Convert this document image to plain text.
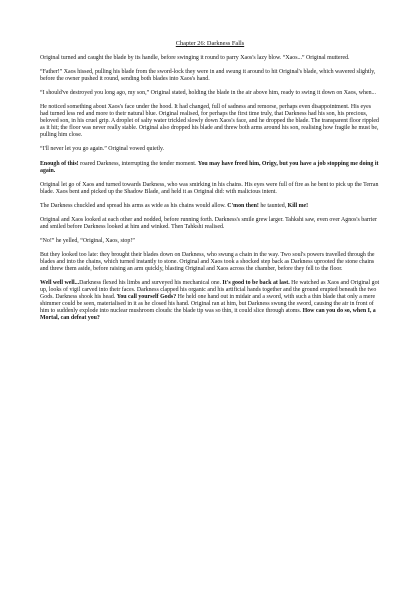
Chapter 26: Darkness Falls

Original turned and caught the blade by its handle, before swinging it round to parry Xaos's lazy blow. “Xaos...” Original muttered.

“Father!” Xaos hissed, pulling his blade from the sword-lock they were in and swung it around to hit Original's blade, which wavered slightly, before the owner pushed it round, sending both blades into Xaos's hand.

“I should've destroyed you long ago, my son,” Original stated, holding the blade in the air above him, ready to swing it down on Xaos, when...

He noticed something about Xaos's face under the hood. It had changed, full of sadness and remorse, perhaps even disappointment. His eyes had turned less red and more to their natural blue. Original realised, for perhaps the first time truly, that Darkness had his son, his precious, beloved son, in his cruel grip. A droplet of salty water trickled slowly down Xaos's face, and he dropped the blade. The transparent floor rippled as it hit; the floor was never really stable. Original also dropped his blade and threw both arms around his son, realising how fragile he must be, pulling him close.

“I'll never let you go again.” Original vowed quietly.

Enough of this! roared Darkness, interrupting the tender moment. You may have freed him, Origy, but you have a job stopping me doing it again.

Original let go of Xaos and turned towards Darkness, who was smirking in his chains. His eyes were full of fire as he bent to pick up the Terran blade. Xaos bent and picked up the Shadow Blade, and held it as Original did: with malicious intent.

The Darkness chuckled and spread his arms as wide as his chains would allow. C'mon then! he taunted, Kill me!

Original and Xaos looked at each other and nodded, before running forth. Darkness's smile grew larger. Tahkshi saw, even over Agnos's barrier and smiled before Darkness looked at him and winked. Then Tahkshi realised.

“No!” he yelled, “Original, Xaos, stop!”

But they looked too late: they brought their blades down on Darkness, who swung a chain in the way. Two soul's powers travelled through the blades and into the chains, which turned instantly to stone. Original and Xaos took a shocked step back as Darkness uprooted the stone chains and threw them aside, before raising an arm quickly, blasting Original and Xaos across the chamber, before they fell to the floor.

Well well well...Darkness flexed his limbs and surveyed his mechanical one. It's good to be back at last. He watched as Xaos and Original got up, looks of vigil carved into their faces. Darkness clapped his organic and his artificial hands together and the ground erupted beneath the two Gods. Darkness shook his head. You call yourself Gods? He held one hand out in midair and a sword, with such a thin blade that only a mere shimmer could be seen, materialised in it as he closed his hand. Original ran at him, but Darkness swung the sword, causing the air in front of him to suddenly explode into nuclear mushroom clouds: the blade tip was so thin, it could slice through atoms. How can you do so, when I, a Mortal, can defeat you?
